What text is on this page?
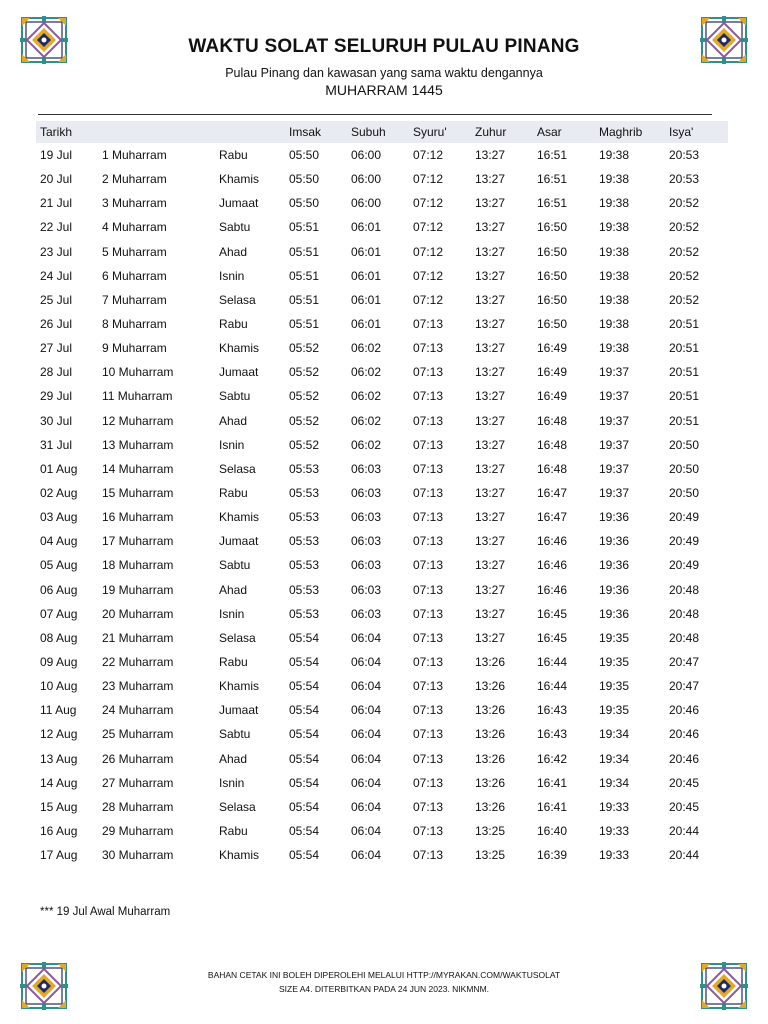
WAKTU SOLAT SELURUH PULAU PINANG
Pulau Pinang dan kawasan yang sama waktu dengannya
MUHARRAM 1445
Tarikh			Imsak	Subuh	Syuru'	Zuhur	Asar	Maghrib	Isya'
19 Jul	1 Muharram	Rabu	05:50	06:00	07:12	13:27	16:51	19:38	20:53
20 Jul	2 Muharram	Khamis	05:50	06:00	07:12	13:27	16:51	19:38	20:53
21 Jul	3 Muharram	Jumaat	05:50	06:00	07:12	13:27	16:51	19:38	20:52
22 Jul	4 Muharram	Sabtu	05:51	06:01	07:12	13:27	16:50	19:38	20:52
23 Jul	5 Muharram	Ahad	05:51	06:01	07:12	13:27	16:50	19:38	20:52
24 Jul	6 Muharram	Isnin	05:51	06:01	07:12	13:27	16:50	19:38	20:52
25 Jul	7 Muharram	Selasa	05:51	06:01	07:12	13:27	16:50	19:38	20:52
26 Jul	8 Muharram	Rabu	05:51	06:01	07:13	13:27	16:50	19:38	20:51
27 Jul	9 Muharram	Khamis	05:52	06:02	07:13	13:27	16:49	19:38	20:51
28 Jul	10 Muharram	Jumaat	05:52	06:02	07:13	13:27	16:49	19:37	20:51
29 Jul	11 Muharram	Sabtu	05:52	06:02	07:13	13:27	16:49	19:37	20:51
30 Jul	12 Muharram	Ahad	05:52	06:02	07:13	13:27	16:48	19:37	20:51
31 Jul	13 Muharram	Isnin	05:52	06:02	07:13	13:27	16:48	19:37	20:50
01 Aug	14 Muharram	Selasa	05:53	06:03	07:13	13:27	16:48	19:37	20:50
02 Aug	15 Muharram	Rabu	05:53	06:03	07:13	13:27	16:47	19:37	20:50
03 Aug	16 Muharram	Khamis	05:53	06:03	07:13	13:27	16:47	19:36	20:49
04 Aug	17 Muharram	Jumaat	05:53	06:03	07:13	13:27	16:46	19:36	20:49
05 Aug	18 Muharram	Sabtu	05:53	06:03	07:13	13:27	16:46	19:36	20:49
06 Aug	19 Muharram	Ahad	05:53	06:03	07:13	13:27	16:46	19:36	20:48
07 Aug	20 Muharram	Isnin	05:53	06:03	07:13	13:27	16:45	19:36	20:48
08 Aug	21 Muharram	Selasa	05:54	06:04	07:13	13:27	16:45	19:35	20:48
09 Aug	22 Muharram	Rabu	05:54	06:04	07:13	13:26	16:44	19:35	20:47
10 Aug	23 Muharram	Khamis	05:54	06:04	07:13	13:26	16:44	19:35	20:47
11 Aug	24 Muharram	Jumaat	05:54	06:04	07:13	13:26	16:43	19:35	20:46
12 Aug	25 Muharram	Sabtu	05:54	06:04	07:13	13:26	16:43	19:34	20:46
13 Aug	26 Muharram	Ahad	05:54	06:04	07:13	13:26	16:42	19:34	20:46
14 Aug	27 Muharram	Isnin	05:54	06:04	07:13	13:26	16:41	19:34	20:45
15 Aug	28 Muharram	Selasa	05:54	06:04	07:13	13:26	16:41	19:33	20:45
16 Aug	29 Muharram	Rabu	05:54	06:04	07:13	13:25	16:40	19:33	20:44
17 Aug	30 Muharram	Khamis	05:54	06:04	07:13	13:25	16:39	19:33	20:44
*** 19 Jul Awal Muharram
BAHAN CETAK INI BOLEH DIPEROLEHI MELALUI HTTP://MYRAKAN.COM/WAKTUSOLAT
SIZE A4. DITERBITKAN PADA 24 JUN 2023. NIKMNM.
